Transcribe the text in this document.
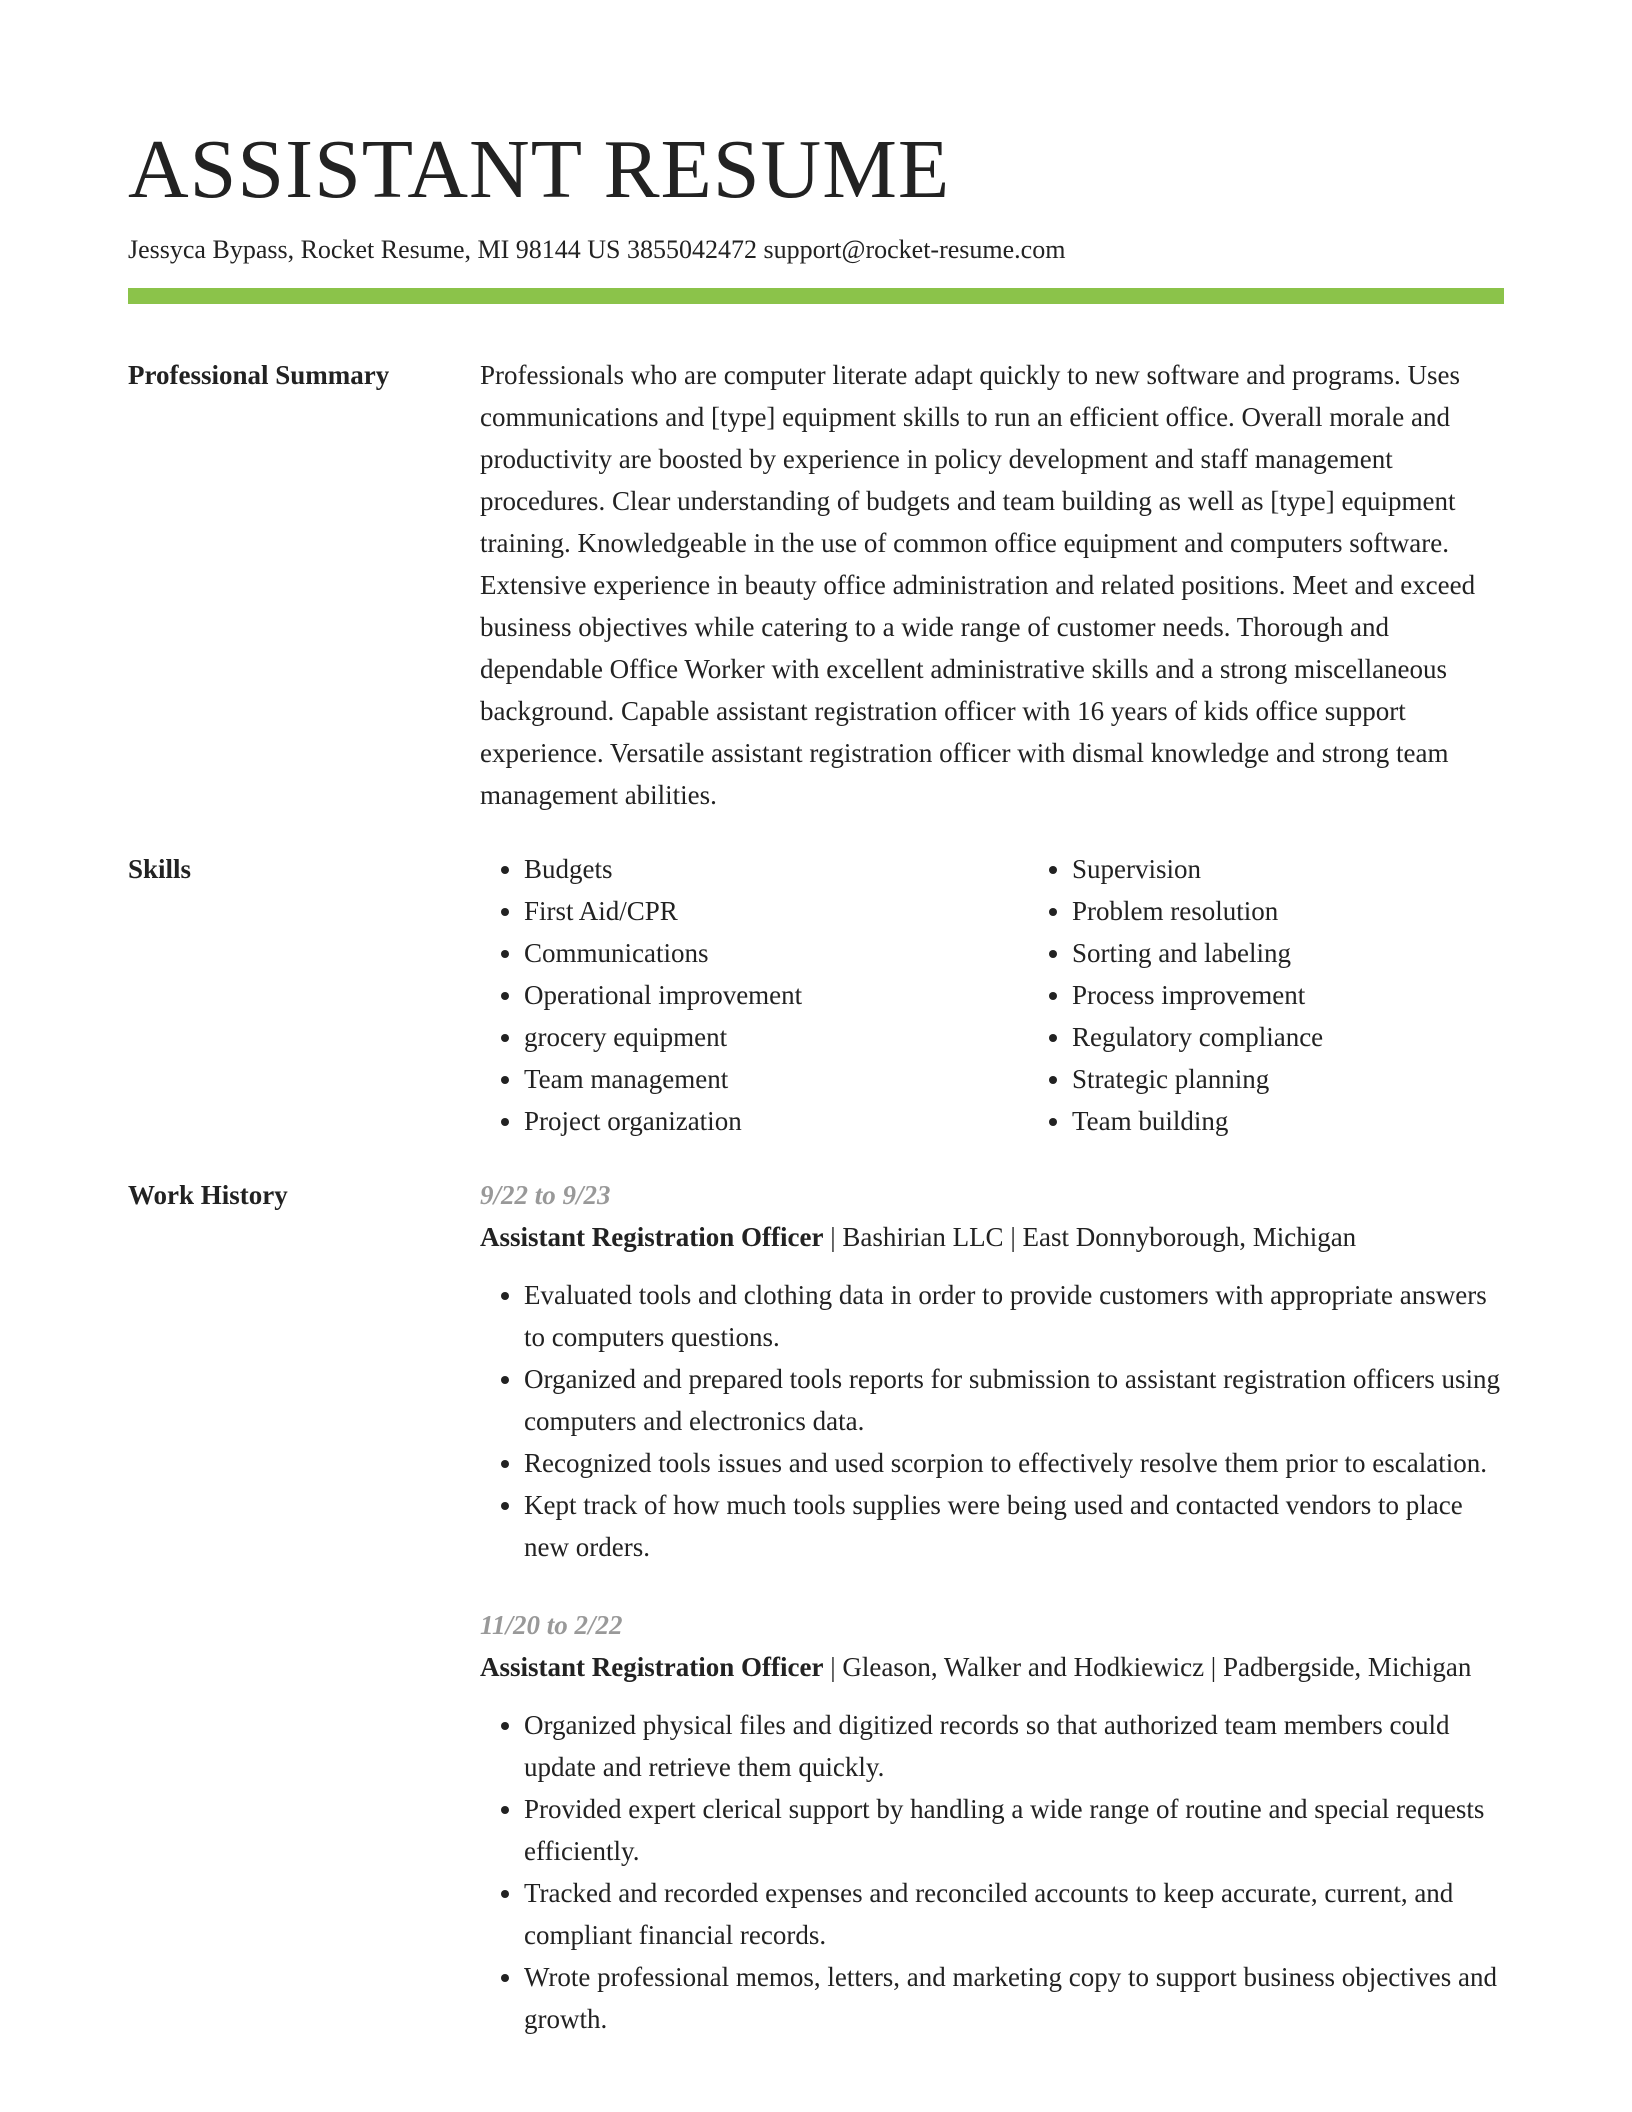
ASSISTANT RESUME
Jessyca Bypass, Rocket Resume, MI 98144 US 3855042472 support@rocket-resume.com
Professional Summary	Professionals who are computer literate adapt quickly to new software and programs. Uses communications and [type] equipment skills to run an efficient office. Overall morale and productivity are boosted by experience in policy development and staff management procedures. Clear understanding of budgets and team building as well as [type] equipment training. Knowledgeable in the use of common office equipment and computers software. Extensive experience in beauty office administration and related positions. Meet and exceed business objectives while catering to a wide range of customer needs. Thorough and dependable Office Worker with excellent administrative skills and a strong miscellaneous background. Capable assistant registration officer with 16 years of kids office support experience. Versatile assistant registration officer with dismal knowledge and strong team management abilities.

Skills
•	Budgets
• First Aid/CPR
• Communications
• Operational improvement
• grocery equipment
• Team management
• Project organization
• Supervision
• Problem resolution
• Sorting and labeling
• Process improvement
• Regulatory compliance
• Strategic planning
• Team building
Work History	9/22 to 9/23
Assistant Registration Officer | Bashirian LLC | East Donnyborough, Michigan
• Evaluated tools and clothing data in order to provide customers with appropriate answers to computers questions.
• Organized and prepared tools reports for submission to assistant registration officers using computers and electronics data.
• Recognized tools issues and used scorpion to effectively resolve them prior to escalation.
• Kept track of how much tools supplies were being used and contacted vendors to place new orders.
11/20 to 2/22
Assistant Registration Officer | Gleason, Walker and Hodkiewicz | Padbergside, Michigan
• Organized physical files and digitized records so that authorized team members could update and retrieve them quickly.
• Provided expert clerical support by handling a wide range of routine and special requests efficiently.
• Tracked and recorded expenses and reconciled accounts to keep accurate, current, and compliant financial records.
• Wrote professional memos, letters, and marketing copy to support business objectives and growth.
